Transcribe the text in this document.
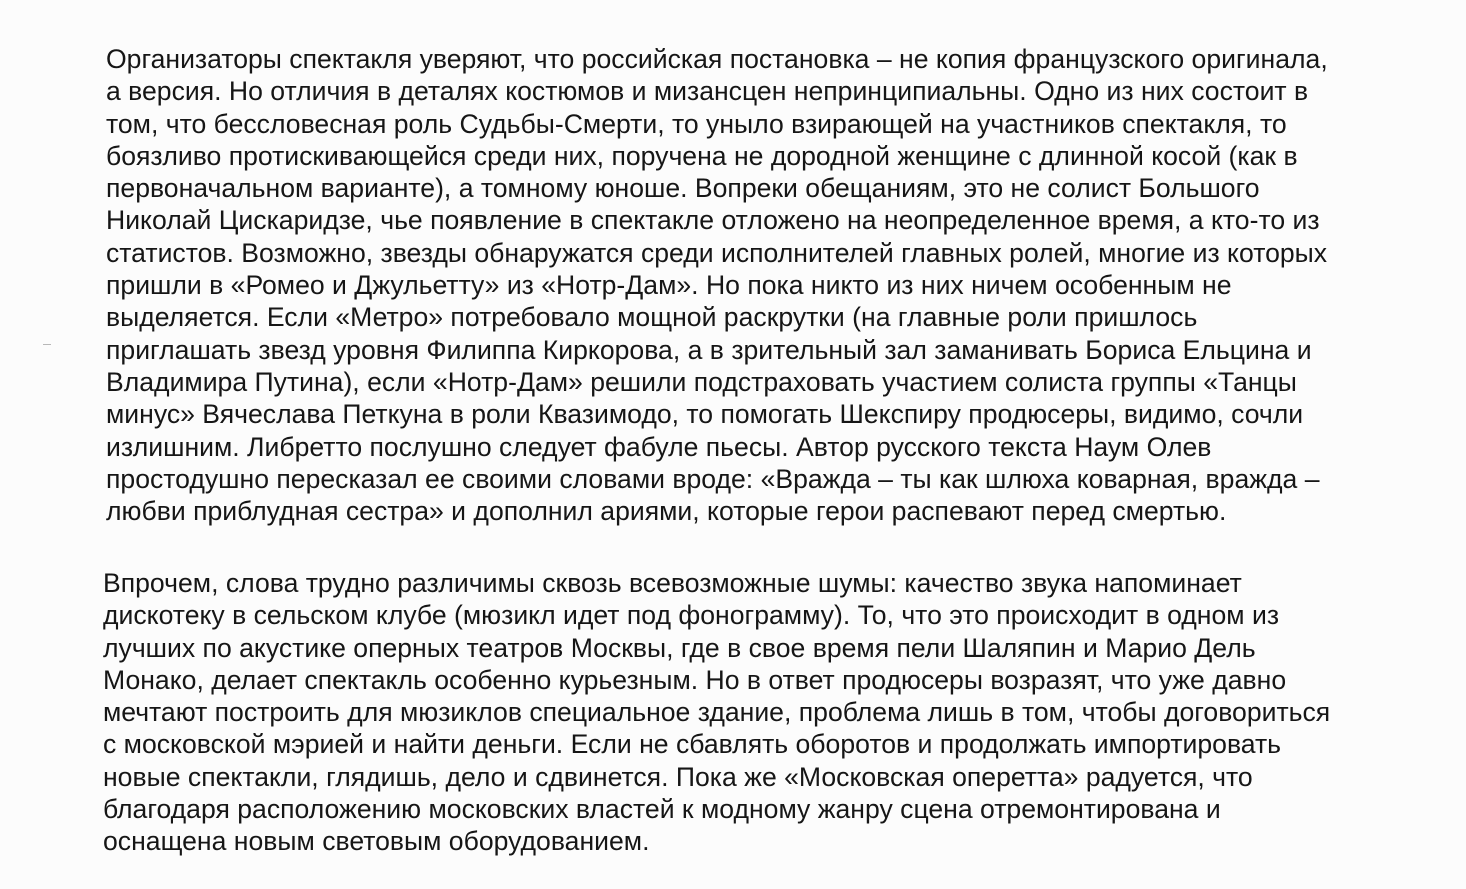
Организаторы спектакля уверяют, что российская постановка – не копия французского оригинала,
а версия. Но отличия в деталях костюмов и мизансцен непринципиальны. Одно из них состоит в
том, что бессловесная роль Судьбы-Смерти, то уныло взирающей на участников спектакля, то
боязливо протискивающейся среди них, поручена не дородной женщине с длинной косой (как в
первоначальном варианте), а томному юноше. Вопреки обещаниям, это не солист Большого
Николай Цискаридзе, чье появление в спектакле отложено на неопределенное время, а кто-то из
статистов. Возможно, звезды обнаружатся среди исполнителей главных ролей, многие из которых
пришли в «Ромео и Джульетту» из «Нотр-Дам». Но пока никто из них ничем особенным не
выделяется. Если «Метро» потребовало мощной раскрутки (на главные роли пришлось
приглашать звезд уровня Филиппа Киркорова, а в зрительный зал заманивать Бориса Ельцина и
Владимира Путина), если «Нотр-Дам» решили подстраховать участием солиста группы «Танцы
минус» Вячеслава Петкуна в роли Квазимодо, то помогать Шекспиру продюсеры, видимо, сочли
излишним. Либретто послушно следует фабуле пьесы. Автор русского текста Наум Олев
простодушно пересказал ее своими словами вроде: «Вражда – ты как шлюха коварная, вражда –
любви приблудная сестра» и дополнил ариями, которые герои распевают перед смертью.
Впрочем, слова трудно различимы сквозь всевозможные шумы: качество звука напоминает
дискотеку в сельском клубе (мюзикл идет под фонограмму). То, что это происходит в одном из
лучших по акустике оперных театров Москвы, где в свое время пели Шаляпин и Марио Дель
Монако, делает спектакль особенно курьезным. Но в ответ продюсеры возразят, что уже давно
мечтают построить для мюзиклов специальное здание, проблема лишь в том, чтобы договориться
с московской мэрией и найти деньги. Если не сбавлять оборотов и продолжать импортировать
новые спектакли, глядишь, дело и сдвинется. Пока же «Московская оперетта» радуется, что
благодаря расположению московских властей к модному жанру сцена отремонтирована и
оснащена новым световым оборудованием.
